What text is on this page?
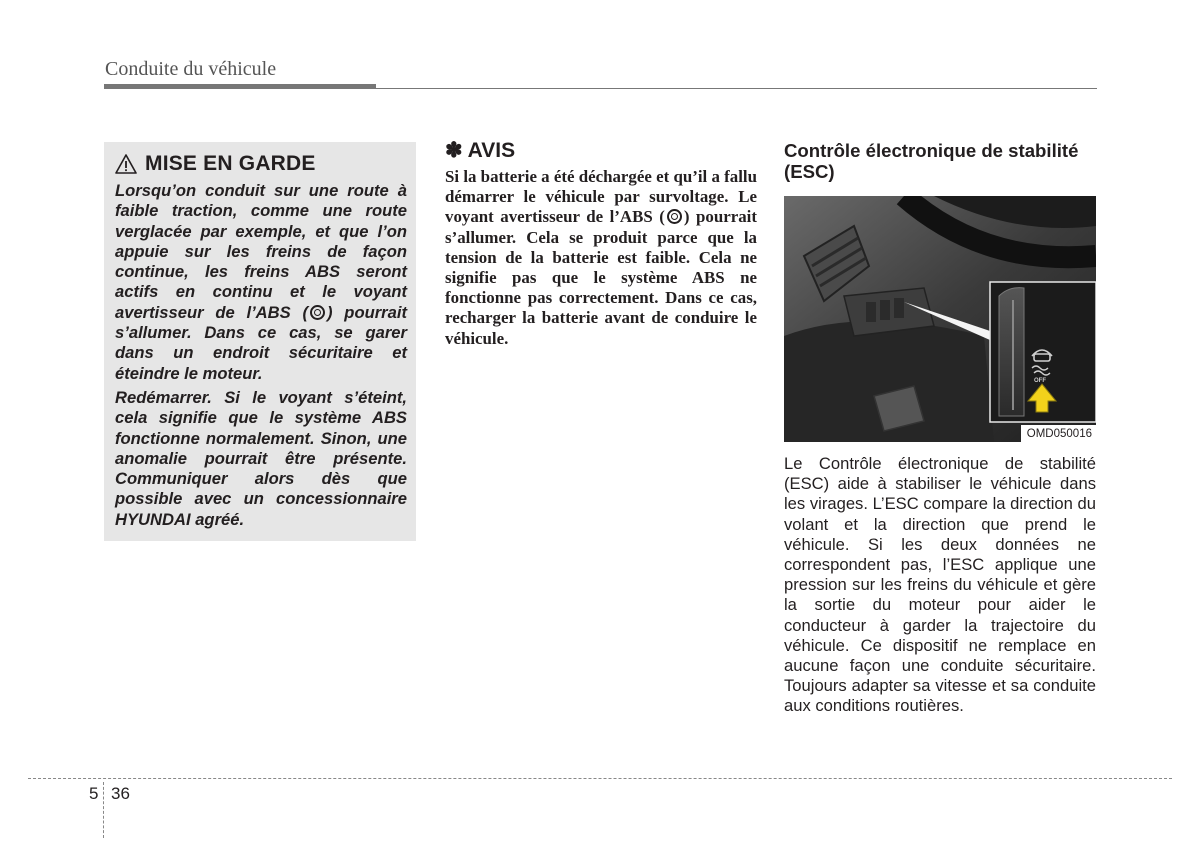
Conduite du véhicule
MISE EN GARDE

Lorsqu’on conduit sur une route à faible traction, comme une route verglacée par exemple, et que l’on appuie sur les freins de façon continue, les freins ABS seront actifs en continu et le voyant avertisseur de l’ABS ( ) pourrait s’allumer. Dans ce cas, se garer dans un endroit sécuritaire et éteindre le moteur.

Redémarrer. Si le voyant s’éteint, cela signifie que le système ABS fonctionne normalement. Sinon, une anomalie pourrait être présente. Communiquer alors dès que possible avec un concessionnaire HYUNDAI agréé.

✽ AVIS

Si la batterie a été déchargée et qu’il a fallu démarrer le véhicule par survoltage. Le voyant avertisseur de l’ABS ( ) pourrait s’allumer. Cela se produit parce que la tension de la batterie est faible. Cela ne signifie pas que le système ABS ne fonctionne pas correctement. Dans ce cas, recharger la batterie avant de conduire le véhicule.

Contrôle électronique de stabilité (ESC)
OFF
OMD050016

Le Contrôle électronique de stabilité (ESC) aide à stabiliser le véhicule dans les virages. L’ESC compare la direction du volant et la direction que prend le véhicule. Si les deux données ne correspondent pas, l’ESC applique une pression sur les freins du véhicule et gère la sortie du moteur pour aider le conducteur à garder la trajectoire du véhicule. Ce dispositif ne remplace en aucune façon une conduite sécuritaire. Toujours adapter sa vitesse et sa conduite aux conditions routières.

5 36
